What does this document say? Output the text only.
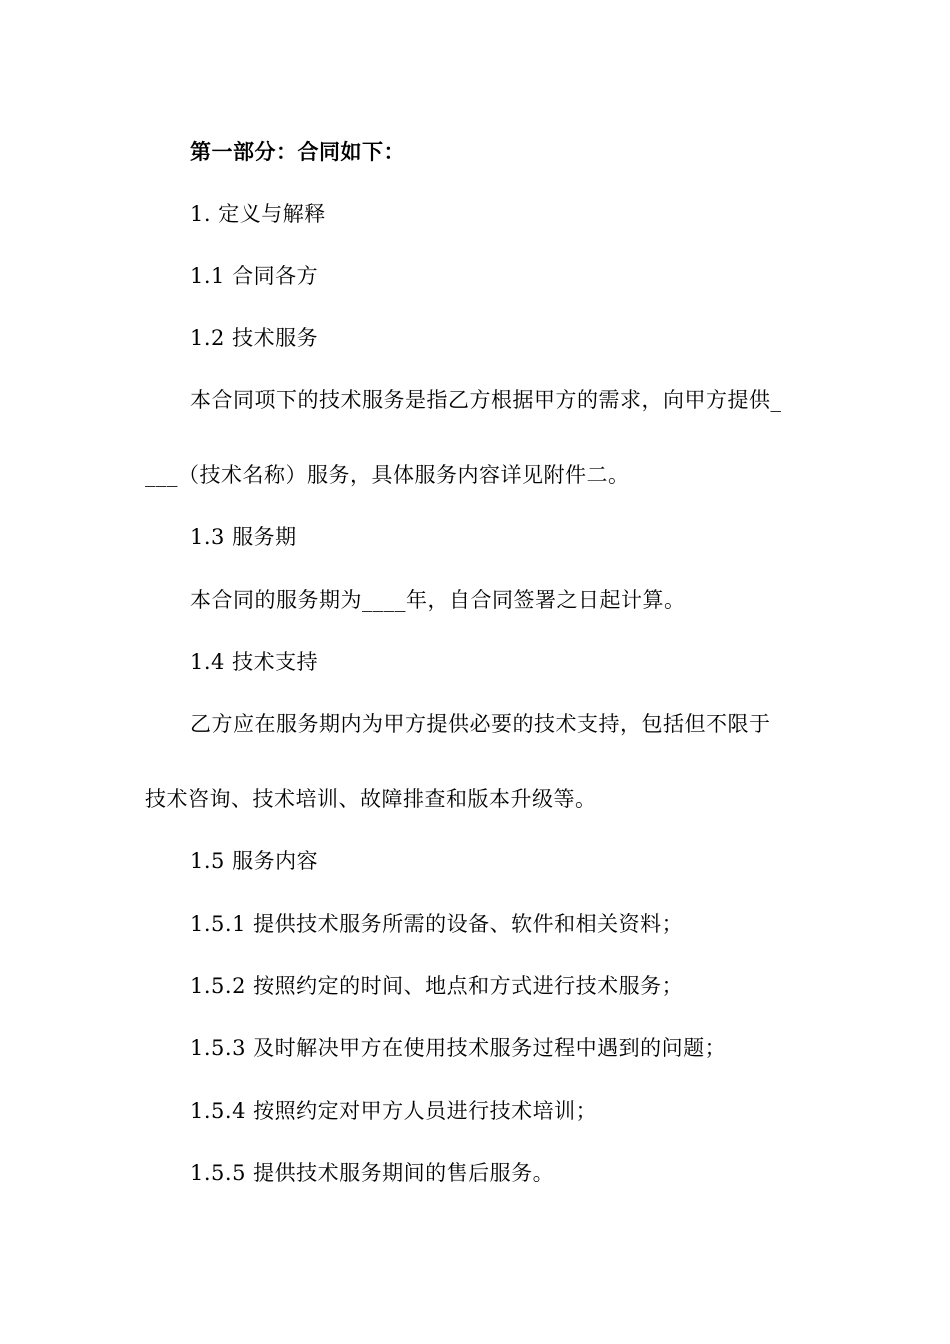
第一部分：合同如下：
1. 定义与解释
1.1 合同各方
1.2 技术服务
本合同项下的技术服务是指乙方根据甲方的需求，向甲方提供_
___（技术名称）服务，具体服务内容详见附件二。
1.3 服务期
本合同的服务期为____年，自合同签署之日起计算。
1.4 技术支持
乙方应在服务期内为甲方提供必要的技术支持，包括但不限于
技术咨询、技术培训、故障排查和版本升级等。
1.5 服务内容
1.5.1 提供技术服务所需的设备、软件和相关资料；
1.5.2 按照约定的时间、地点和方式进行技术服务；
1.5.3 及时解决甲方在使用技术服务过程中遇到的问题；
1.5.4 按照约定对甲方人员进行技术培训；
1.5.5 提供技术服务期间的售后服务。
